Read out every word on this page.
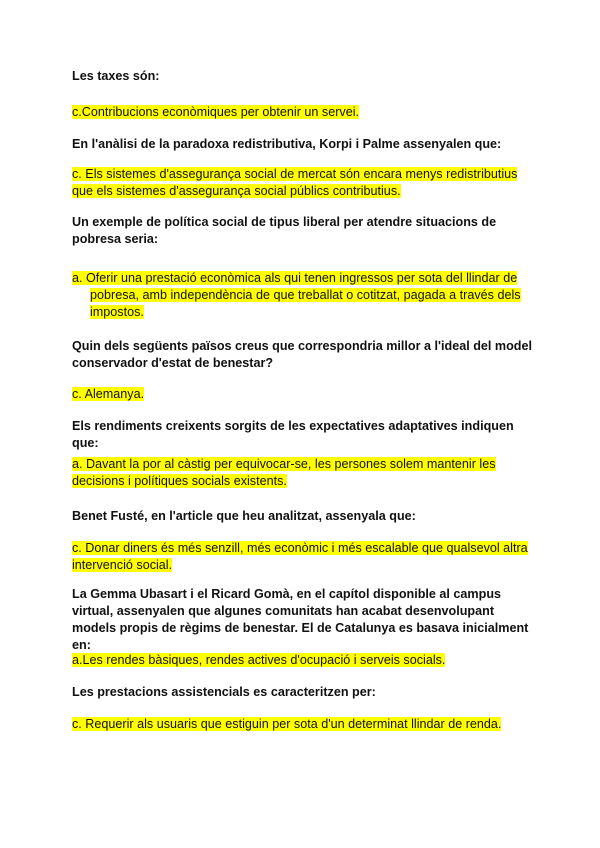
Les taxes són:

c.Contribucions econòmiques per obtenir un servei.

En l'anàlisi de la paradoxa redistributiva, Korpi i Palme assenyalen que:

c. Els sistemes d'assegurança social de mercat són encara menys redistributius que els sistemes d'assegurança social públics contributius.

Un exemple de política social de tipus liberal per atendre situacions de pobresa seria:

a. Oferir una prestació econòmica als qui tenen ingressos per sota del llindar de pobresa, amb independència de que treballat o cotitzat, pagada a través dels impostos.

Quin dels següents països creus que correspondria millor a l'ideal del model conservador d'estat de benestar?

c. Alemanya.

Els rendiments creixents sorgits de les expectatives adaptatives indiquen que:

a. Davant la por al càstig per equivocar-se, les persones solem mantenir les decisions i polítiques socials existents.

Benet Fusté, en l'article que heu analitzat, assenyala que:

c. Donar diners és més senzill, més econòmic i més escalable que qualsevol altra intervenció social.

La Gemma Ubasart i el Ricard Gomà, en el capítol disponible al campus virtual, assenyalen que algunes comunitats han acabat desenvolupant models propis de règims de benestar. El de Catalunya es basava inicialment en:

a.Les rendes bàsiques, rendes actives d'ocupació i serveis socials.

Les prestacions assistencials es caracteritzen per:

c. Requerir als usuaris que estiguin per sota d'un determinat llindar de renda.
